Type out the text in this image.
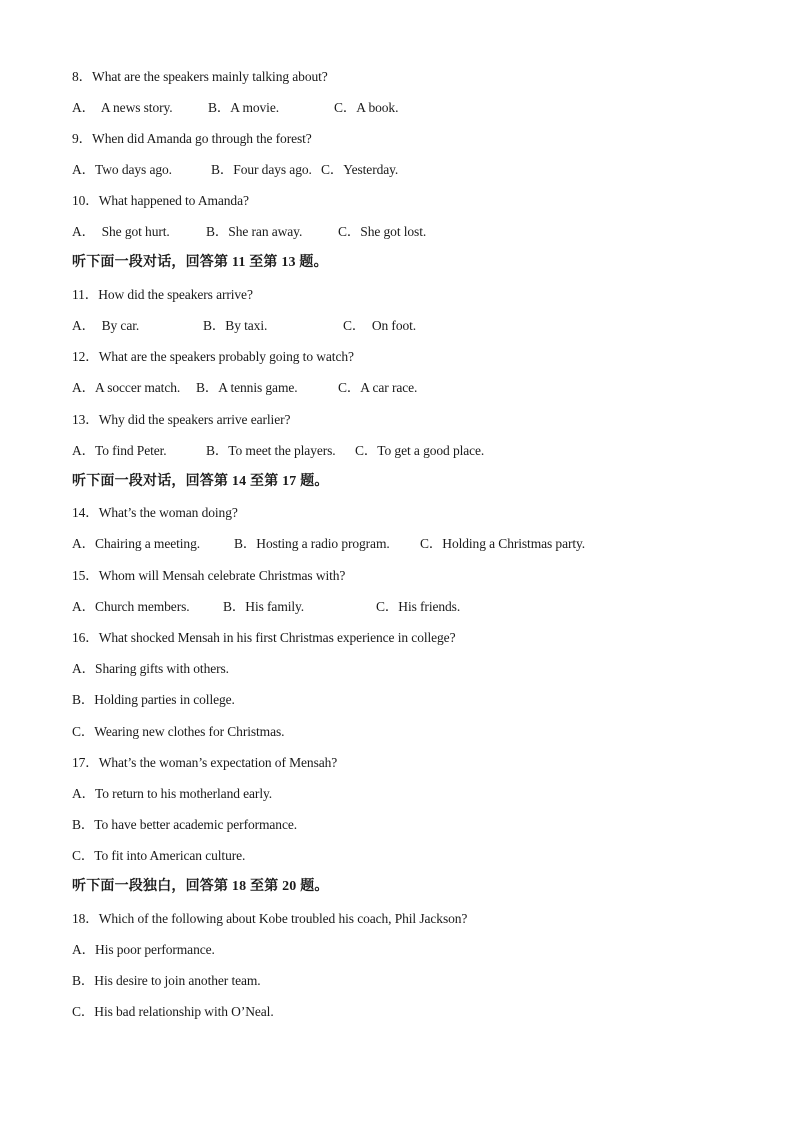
8．What are the speakers mainly talking about?

A．  A news story.

	B．A movie.

	C．A book.

9．When did Amanda go through the forest?

A．Two days ago.

	B．Four days ago.

C．Yesterday.

10．What happened to Amanda?

A．  She got hurt.

	B．She ran away.

	C．She got lost.

听下面一段对话，回答第 11 至第 13 题。
11．How did the speakers arrive?

A．  By car.

	B．By taxi.

	C．  On foot.

12．What are the speakers probably going to watch?

A．A soccer match.

B．A tennis game.

	C．A car race.

13．Why did the speakers arrive earlier?

A．To find Peter.

	B．To meet the players.

C．To get a good place.

听下面一段对话，回答第 14 至第 17 题。
14．What’s the woman doing?

A．Chairing a meeting.

	B．Hosting a radio program.

C．Holding a Christmas party.

15．Whom will Mensah celebrate Christmas with?

A．Church members.

B．His family.

	C．His friends.

16．What shocked Mensah in his first Christmas experience in college?
A．Sharing gifts with others.
B．Holding parties in college.
C．Wearing new clothes for Christmas.
17．What’s the woman’s expectation of Mensah?
A．To return to his motherland early.
B．To have better academic performance.
C．To fit into American culture.
听下面一段独白，回答第 18 至第 20 题。
18．Which of the following about Kobe troubled his coach, Phil Jackson?
A．His poor performance.
B．His desire to join another team.
C．His bad relationship with O’Neal.
